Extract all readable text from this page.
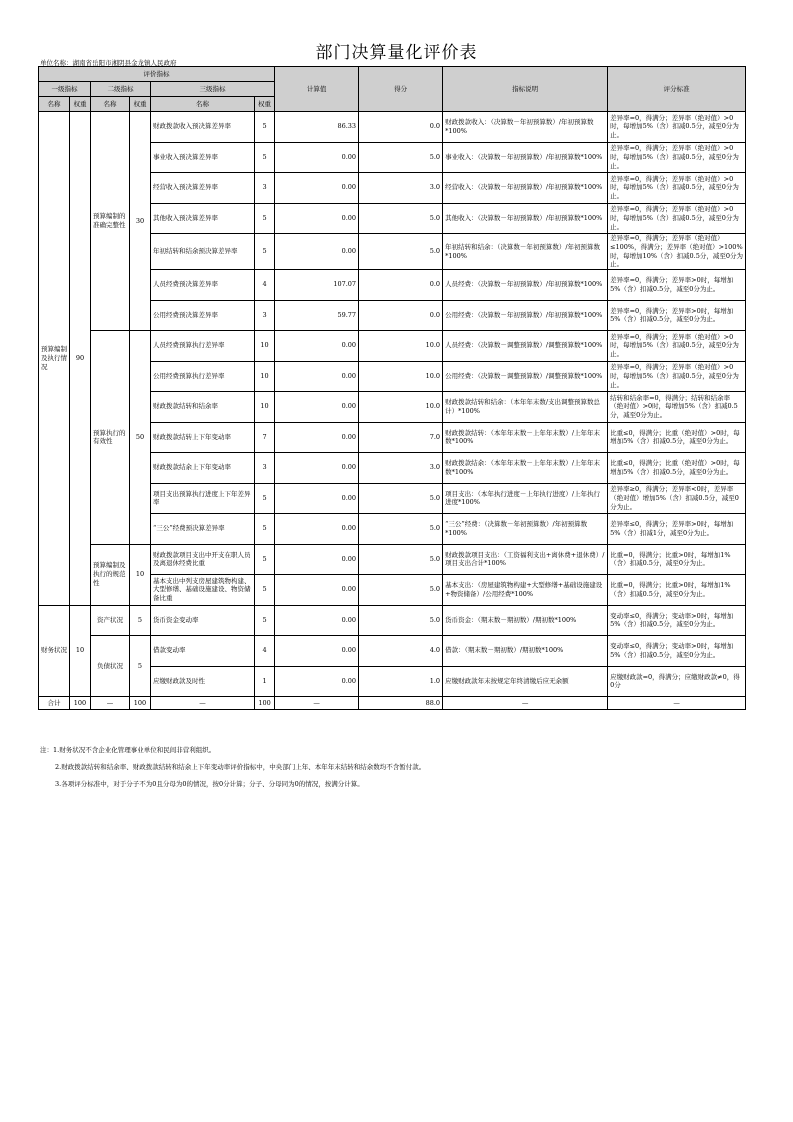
部门决算量化评价表
单位名称：湖南省岳阳市湘阴县金龙镇人民政府
评价指标						计算值	得分	指标说明	评分标准
一级指标		二级指标		三级指标					
名称	权重	名称	权重	名称	权重				
预算编制及执行情况	90	预算编制的准确完整性	30	财政拨款收入预决算差异率	5	86.33	0.0	财政拨款收入：（决算数－年初预算数）/年初预算数*100%	差异率=0，得满分；差异率（绝对值）>0时，每增加5%（含）扣减0.5分，减至0分为止。
				事业收入预决算差异率	5	0.00	5.0	事业收入：（决算数－年初预算数）/年初预算数*100%	差异率=0，得满分；差异率（绝对值）>0时，每增加5%（含）扣减0.5分，减至0分为止。
				经营收入预决算差异率	3	0.00	3.0	经营收入：（决算数－年初预算数）/年初预算数*100%	差异率=0，得满分；差异率（绝对值）>0时，每增加5%（含）扣减0.5分，减至0分为止。
				其他收入预决算差异率	5	0.00	5.0	其他收入：（决算数－年初预算数）/年初预算数*100%	差异率=0，得满分；差异率（绝对值）>0时，每增加5%（含）扣减0.5分，减至0分为止。
				年初结转和结余预决算差异率	5	0.00	5.0	年初结转和结余：（决算数－年初预算数）/年初预算数*100%	差异率=0，得满分；差异率（绝对值）≤100%，得满分；差异率（绝对值）>100%时，每增加10%（含）扣减0.5分，减至0分为止。
				人员经费预决算差异率	4	107.07	0.0	人员经费：（决算数－年初预算数）/年初预算数*100%	差异率=0，得满分；差异率>0时，每增加5%（含）扣减0.5分，减至0分为止。
				公用经费预决算差异率	3	59.77	0.0	公用经费：（决算数－年初预算数）/年初预算数*100%	差异率=0，得满分；差异率>0时，每增加5%（含）扣减0.5分，减至0分为止。
		预算执行的有效性	50	人员经费预算执行差异率	10	0.00	10.0	人员经费：（决算数－调整预算数）/调整预算数*100%	差异率=0，得满分；差异率（绝对值）>0时，每增加5%（含）扣减0.5分，减至0分为止。
				公用经费预算执行差异率	10	0.00	10.0	公用经费：（决算数－调整预算数）/调整预算数*100%	差异率=0，得满分；差异率（绝对值）>0时，每增加5%（含）扣减0.5分，减至0分为止。
				财政拨款结转和结余率	10	0.00	10.0	财政拨款结转和结余：（本年年末数/支出调整预算数总计）*100%	结转和结余率=0，得满分；结转和结余率（绝对值）>0时，每增加5%（含）扣减0.5分，减至0分为止。
				财政拨款结转上下年变动率	7	0.00	7.0	财政拨款结转：（本年年末数－上年年末数）/上年年末数*100%	比重≤0，得满分；比重（绝对值）>0时，每增加5%（含）扣减0.5分，减至0分为止。
				财政拨款结余上下年变动率	3	0.00	3.0	财政拨款结余：（本年年末数－上年年末数）/上年年末数*100%	比重≤0，得满分；比重（绝对值）>0时，每增加5%（含）扣减0.5分，减至0分为止。
				项目支出预算执行进度上下年差异率	5	0.00	5.0	项目支出：（本年执行进度－上年执行进度）/上年执行进度*100%	差异率≥0，得满分；差异率<0时，差异率（绝对值）增加5%（含）扣减0.5分，减至0分为止。
				“三公”经费预决算差异率	5	0.00	5.0	“三公”经费：（决算数－年初预算数）/年初预算数*100%	差异率≤0，得满分；差异率>0时，每增加5%（含）扣减1分，减至0分为止。
		预算编制及执行的规范性	10	财政拨款项目支出中开支在职人员及离退休经费比重	5	0.00	5.0	财政拨款项目支出：（工资福利支出+离休费+退休费）/项目支出合计*100%	比重=0，得满分；比重>0时，每增加1%（含）扣减0.5分，减至0分为止。
				基本支出中列支房屋建筑物构建、大型修缮、基础设施建设、物资储备比重	5	0.00	5.0	基本支出：（房屋建筑物构建+大型修缮+基础设施建设+物资储备）/公用经费*100%	比重=0，得满分；比重>0时，每增加1%（含）扣减0.5分，减至0分为止。
财务状况	10	资产状况	5	货币资金变动率	5	0.00	5.0	货币资金：（期末数－期初数）/期初数*100%	变动率≤0，得满分；变动率>0时，每增加5%（含）扣减0.5分，减至0分为止。
		负债状况	5	借款变动率	4	0.00	4.0	借款：（期末数－期初数）/期初数*100%	变动率≤0，得满分；变动率>0时，每增加5%（含）扣减0.5分，减至0分为止。
				应缴财政款及时性	1	0.00	1.0	应缴财政款年末按规定年终清缴后应无余额	应缴财政款=0，得满分；应缴财政款≠0，得0分
合计	100	—	100	—	100	—	88.0	—	—
注：1.财务状况不含企业化管理事业单位和民间非营利组织。
2.财政拨款结转和结余率、财政拨款结转和结余上下年变动率评价指标中，中央部门上年、本年年末结转和结余数均不含暂付款。
3.各项评分标准中，对于分子不为0且分母为0的情况，按0分计算；分子、分母同为0的情况，按满分计算。
